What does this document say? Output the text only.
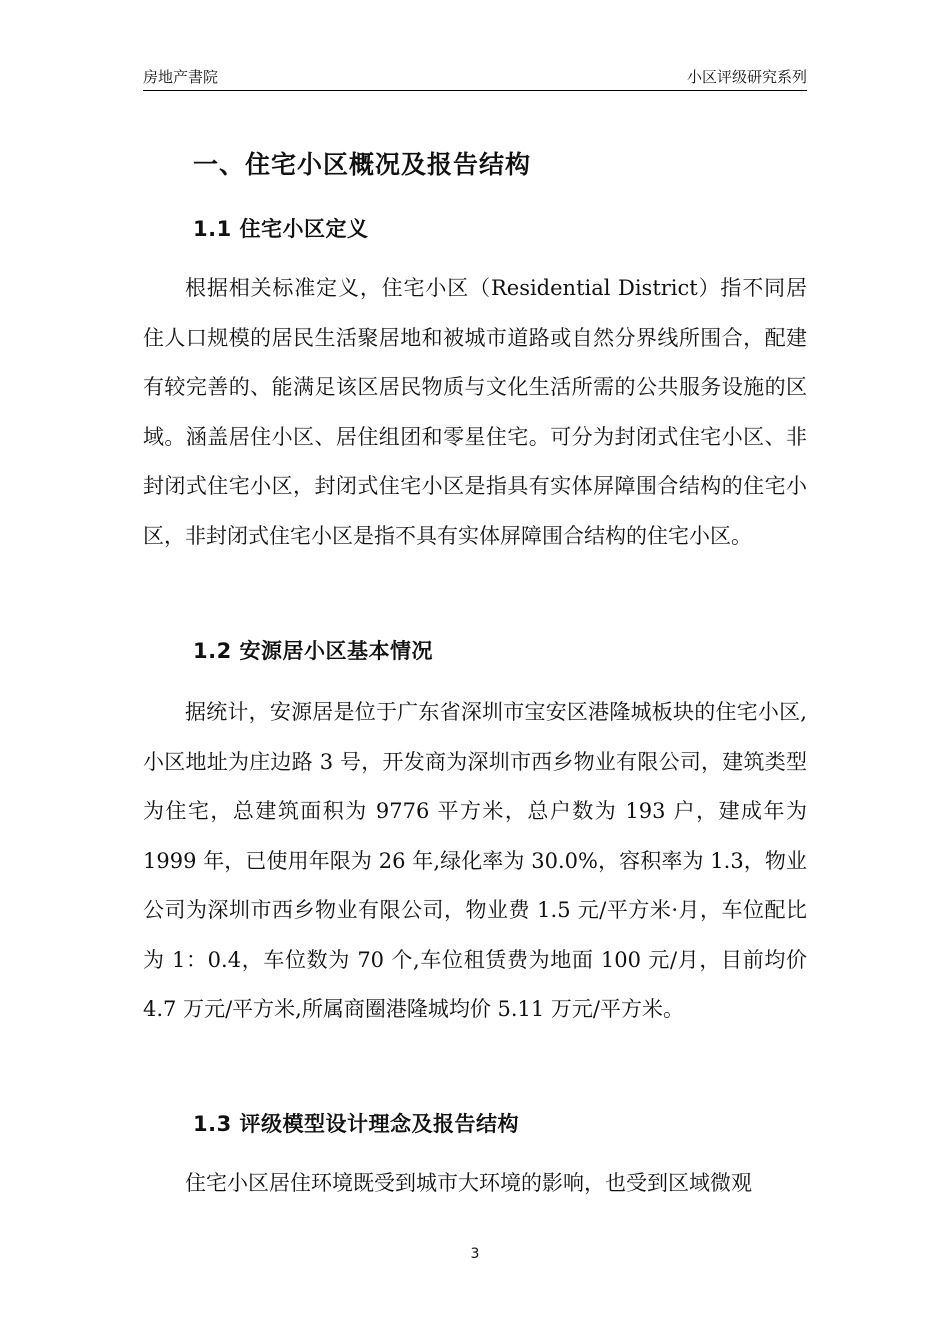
房地产書院	小区评级研究系列
一、住宅小区概况及报告结构
1.1 住宅小区定义

根据相关标准定义，住宅小区（Residential District）指不同居住人口规模的居民生活聚居地和被城市道路或自然分界线所围合，配建有较完善的、能满足该区居民物质与文化生活所需的公共服务设施的区域。涵盖居住小区、居住组团和零星住宅。可分为封闭式住宅小区、非封闭式住宅小区，封闭式住宅小区是指具有实体屏障围合结构的住宅小区，非封闭式住宅小区是指不具有实体屏障围合结构的住宅小区。

1.2 安源居小区基本情况

据统计，安源居是位于广东省深圳市宝安区港隆城板块的住宅小区,小区地址为庄边路 3 号，开发商为深圳市西乡物业有限公司，建筑类型为住宅，总建筑面积为 9776 平方米，总户数为 193 户，建成年为 1999 年，已使用年限为 26 年,绿化率为 30.0%，容积率为 1.3，物业公司为深圳市西乡物业有限公司，物业费 1.5 元/平方米·月，车位配比为 1：0.4，车位数为 70 个,车位租赁费为地面 100 元/月，目前均价 4.7 万元/平方米,所属商圈港隆城均价 5.11 万元/平方米。

1.3 评级模型设计理念及报告结构

住宅小区居住环境既受到城市大环境的影响，也受到区域微观

3
